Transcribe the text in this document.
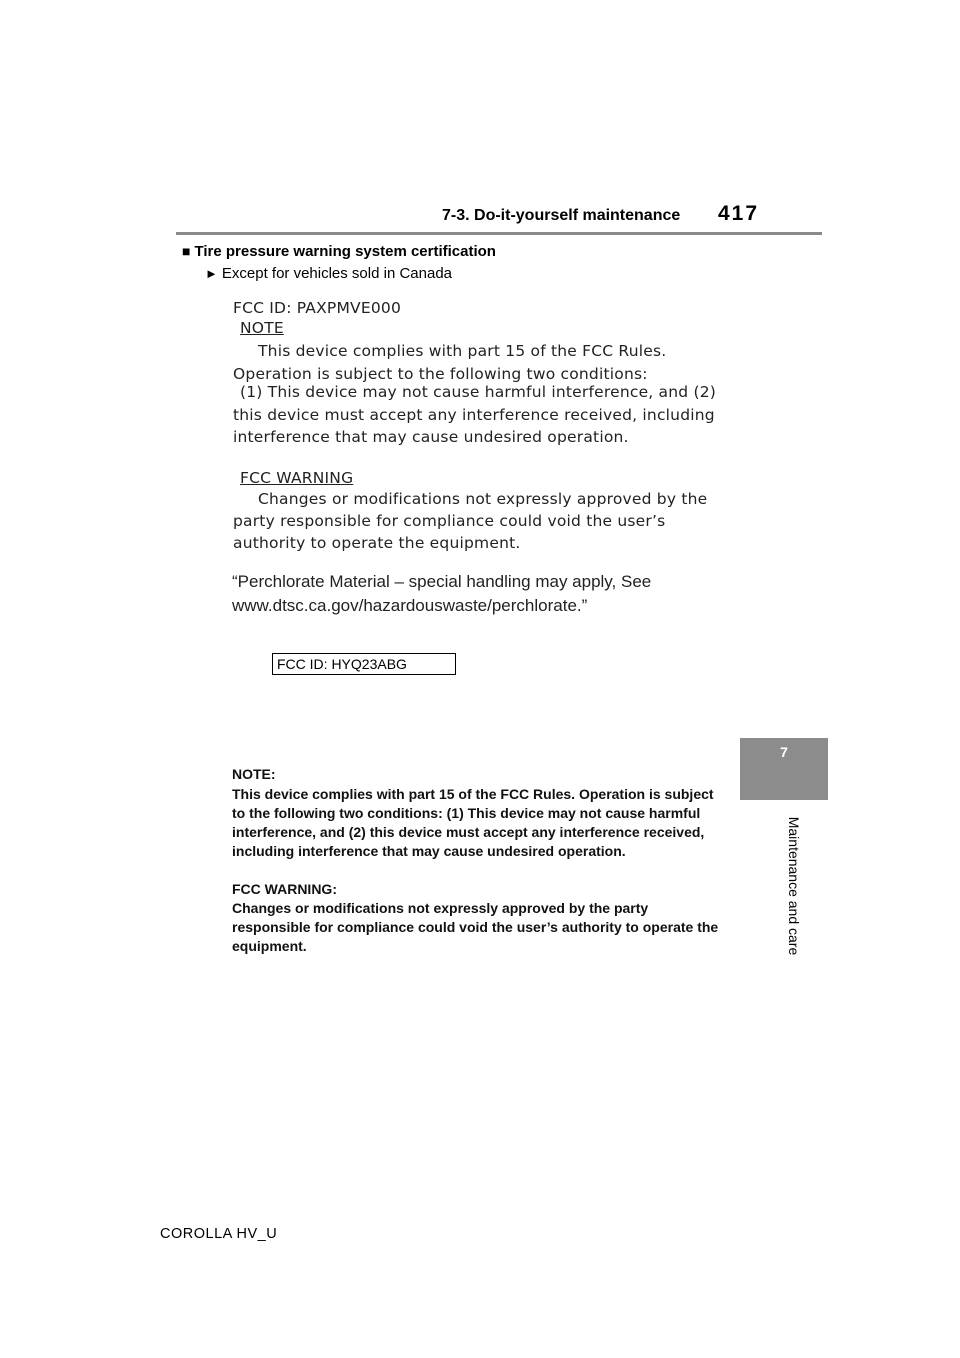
7-3. Do-it-yourself maintenance 417
■ Tire pressure warning system certification
► Except for vehicles sold in Canada
FCC ID: PAXPMVE000
NOTE
This device complies with part 15 of the FCC Rules.
Operation is subject to the following two conditions:
(1) This device may not cause harmful interference, and (2)
this device must accept any interference received, including
interference that may cause undesired operation.
FCC WARNING
Changes or modifications not expressly approved by the
party responsible for compliance could void the user’s
authority to operate the equipment.
“Perchlorate Material – special handling may apply, See
www.dtsc.ca.gov/hazardouswaste/perchlorate.”
FCC ID: HYQ23ABG
NOTE:
This device complies with part 15 of the FCC Rules. Operation is subject
to the following two conditions: (1) This device may not cause harmful
interference, and (2) this device must accept any interference received,
including interference that may cause undesired operation.
FCC WARNING:
Changes or modifications not expressly approved by the party
responsible for compliance could void the user’s authority to operate the
equipment.
7
Maintenance and care
COROLLA HV_U
